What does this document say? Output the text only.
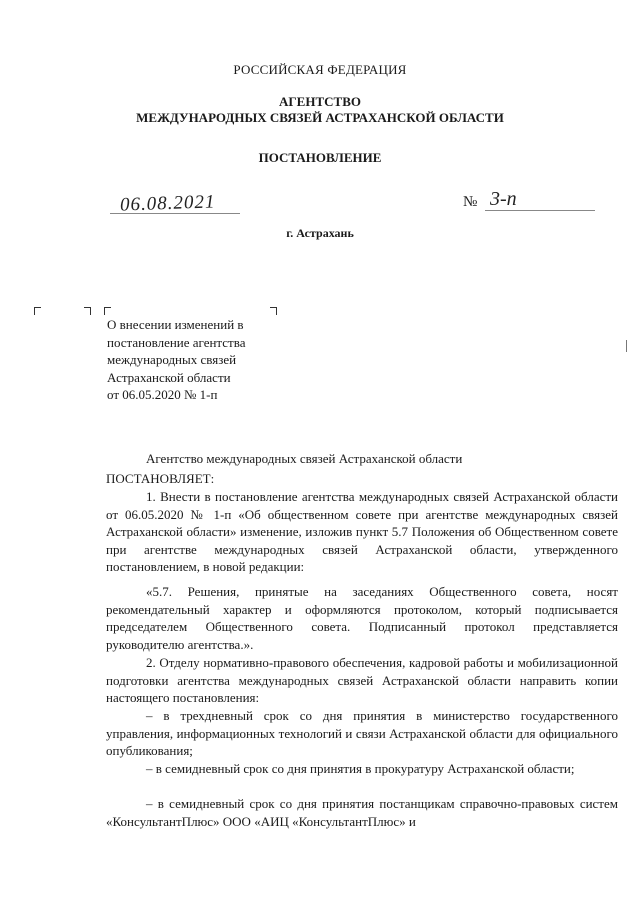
РОССИЙСКАЯ ФЕДЕРАЦИЯ
АГЕНТСТВО
МЕЖДУНАРОДНЫХ СВЯЗЕЙ АСТРАХАНСКОЙ ОБЛАСТИ
ПОСТАНОВЛЕНИЕ
06.08.2021	№ 3-п
г. Астрахань
О внесении изменений в
постановление агентства
международных связей
Астраханской области
от 06.05.2020 № 1-п
Агентство международных связей Астраханской области
ПОСТАНОВЛЯЕТ:
1. Внести в постановление агентства международных связей Астраханской области от 06.05.2020 № 1-п «Об общественном совете при агентстве международных связей Астраханской области» изменение, изложив пункт 5.7 Положения об Общественном совете при агентстве международных связей Астраханской области, утвержденного постановлением, в новой редакции:
«5.7. Решения, принятые на заседаниях Общественного совета, носят рекомендательный характер и оформляются протоколом, который подписывается председателем Общественного совета. Подписанный протокол представляется руководителю агентства.».
2. Отделу нормативно-правового обеспечения, кадровой работы и мобилизационной подготовки агентства международных связей Астраханской области направить копии настоящего постановления:
– в трехдневный срок со дня принятия в министерство государственного управления, информационных технологий и связи Астраханской области для официального опубликования;
– в семидневный срок со дня принятия в прокуратуру Астраханской области;
– в семидневный срок со дня принятия постанщикам справочно-правовых систем «КонсультантПлюс» ООО «АИЦ «КонсультантПлюс» и
